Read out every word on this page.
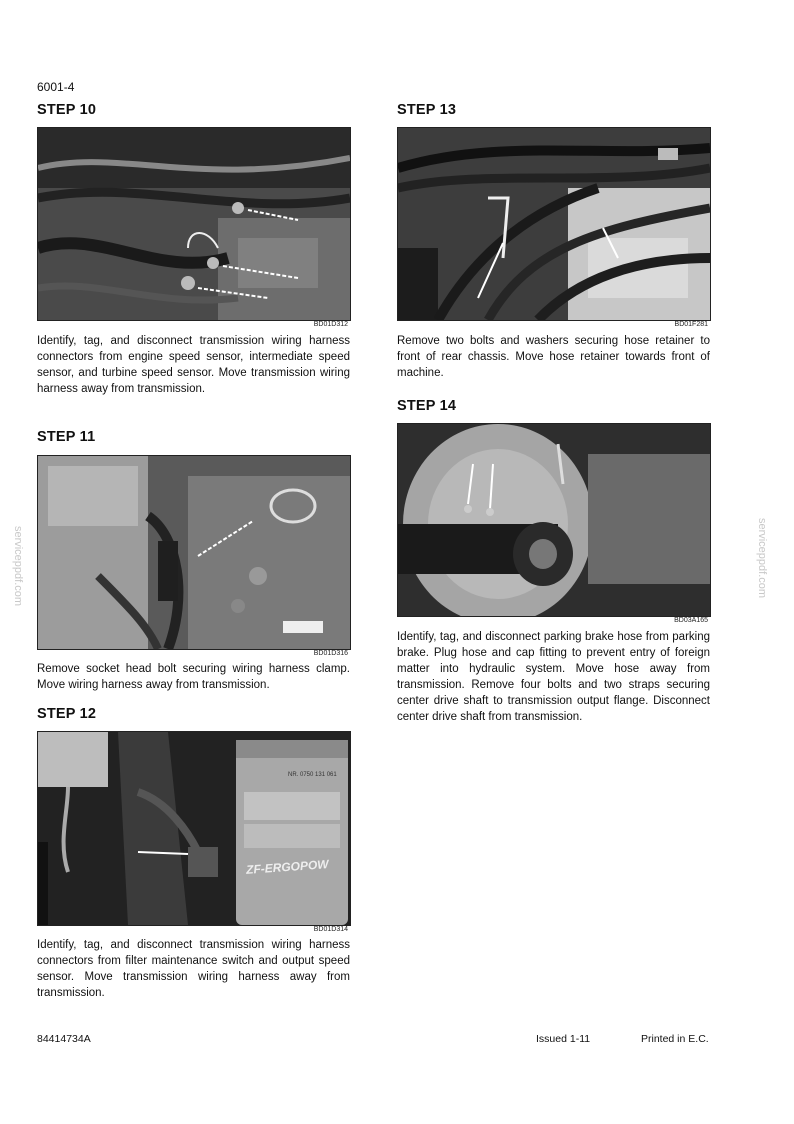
6001-4
STEP 10
BD01D312
Identify, tag, and disconnect transmission wiring harness connectors from engine speed sensor, intermediate speed sensor, and turbine speed sensor. Move transmission wiring harness away from transmission.
STEP 11
BD01D316
Remove socket head bolt securing wiring harness clamp. Move wiring harness away from transmission.
STEP 12
NR. 0750 131 061
ZF-ERGOPOW
BD01D314
Identify, tag, and disconnect transmission wiring harness connectors from filter maintenance switch and output speed sensor. Move transmission wiring harness away from transmission.
STEP 13
BD01F281
Remove two bolts and washers securing hose retainer to front of rear chassis. Move hose retainer towards front of machine.
STEP 14
BD03A165
Identify, tag, and disconnect parking brake hose from parking brake. Plug hose and cap fitting to prevent entry of foreign matter into hydraulic system. Move hose away from transmission. Remove four bolts and two straps securing center drive shaft to transmission output flange. Disconnect center drive shaft from transmission.
serviceppdf.com	serviceppdf.com
84414734A	Issued 1-11	Printed in E.C.
